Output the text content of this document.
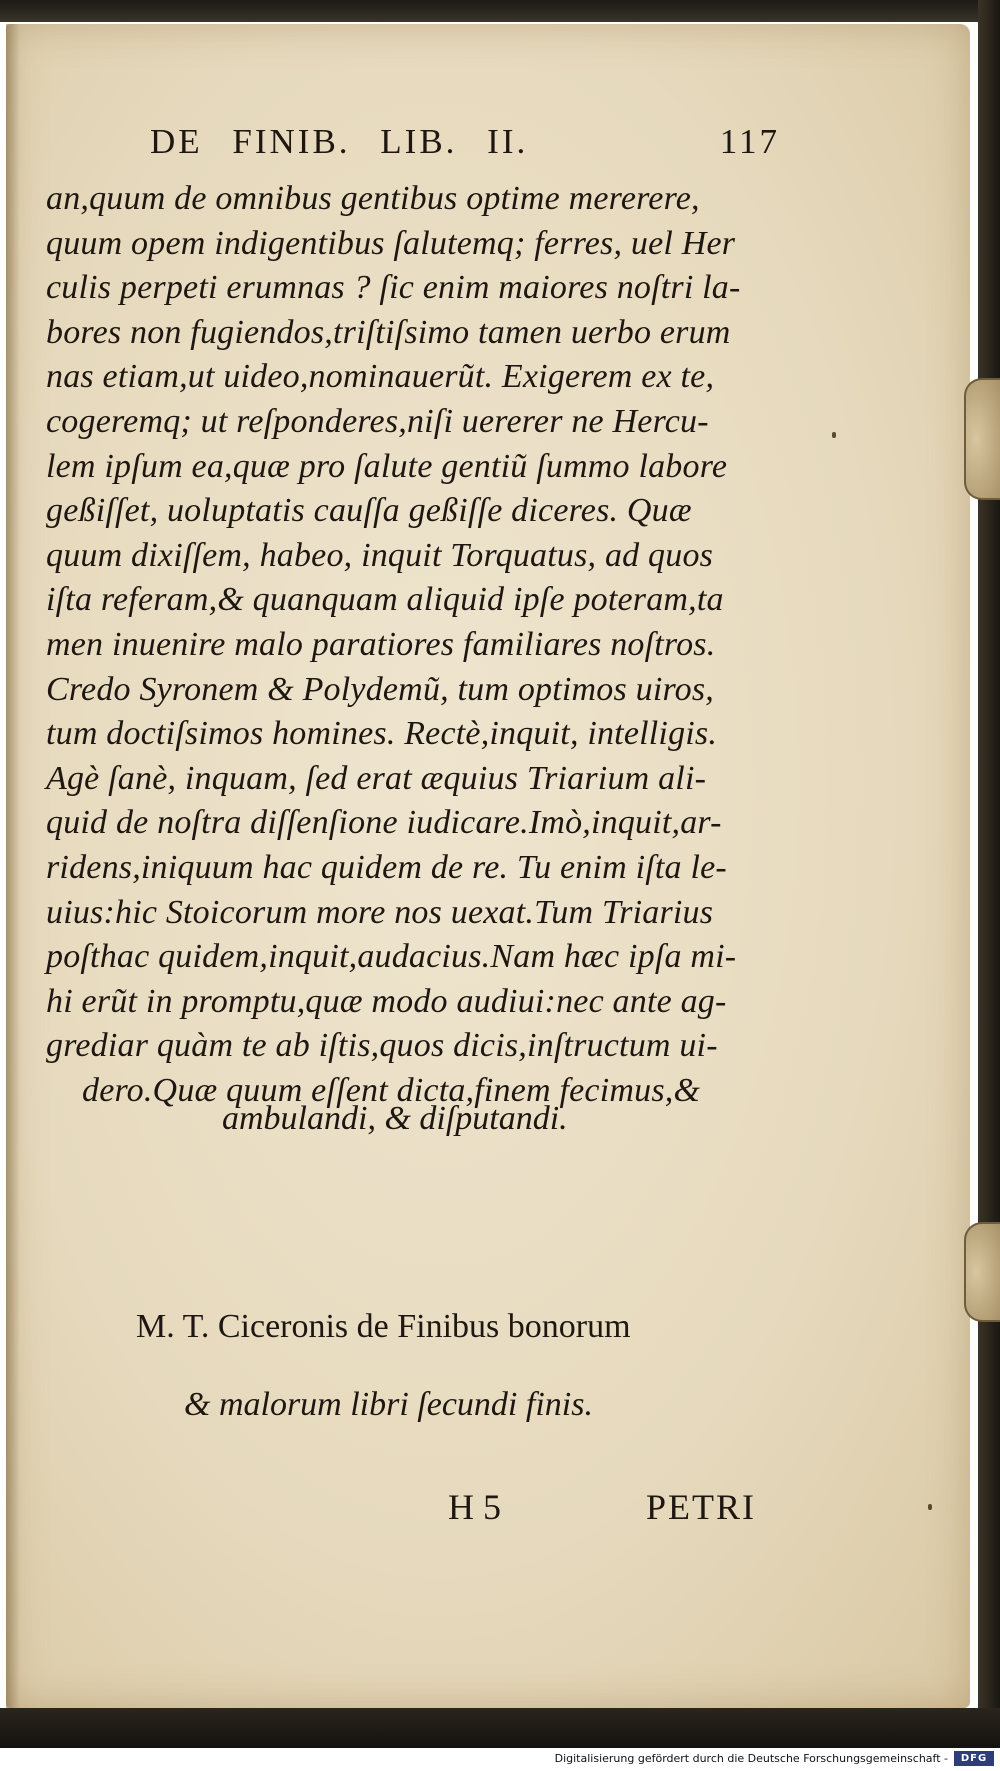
DE FINIB. LIB. II.	117
an,quum de omnibus gentibus optime mererere,
quum opem indigentibus ſalutemq; ferres, uel Her
culis perpeti erumnas ? ſic enim maiores noſtri la-
bores non fugiendos,triſtiſsimo tamen uerbo erum
nas etiam,ut uideo,nominauerũt. Exigerem ex te,
cogeremq; ut reſponderes,niſi uererer ne Hercu-
lem ipſum ea,quæ pro ſalute gentiũ ſummo labore
geßiſſet, uoluptatis cauſſa geßiſſe diceres. Quæ
quum dixiſſem, habeo, inquit Torquatus, ad quos
iſta referam,& quanquam aliquid ipſe poteram,ta
men inuenire malo paratiores familiares noſtros.
Credo Syronem & Polydemũ, tum optimos uiros,
tum doctiſsimos homines. Rectè,inquit, intelligis.
Agè ſanè, inquam, ſed erat æquius Triarium ali-
quid de noſtra diſſenſione iudicare.Imò,inquit,ar-
ridens,iniquum hac quidem de re. Tu enim iſta le-
uius:hic Stoicorum more nos uexat.Tum Triarius
poſthac quidem,inquit,audacius.Nam hæc ipſa mi-
hi erũt in promptu,quæ modo audiui:nec ante ag-
grediar quàm te ab iſtis,quos dicis,inſtructum ui-
dero.Quæ quum eſſent dicta,finem fecimus,&
ambulandi, & diſputandi.
M. T. Ciceronis de Finibus bonorum
& malorum libri ſecundi finis.
H 5	PETRI
Digitalisierung gefördert durch die Deutsche Forschungsgemeinschaft -	DFG
